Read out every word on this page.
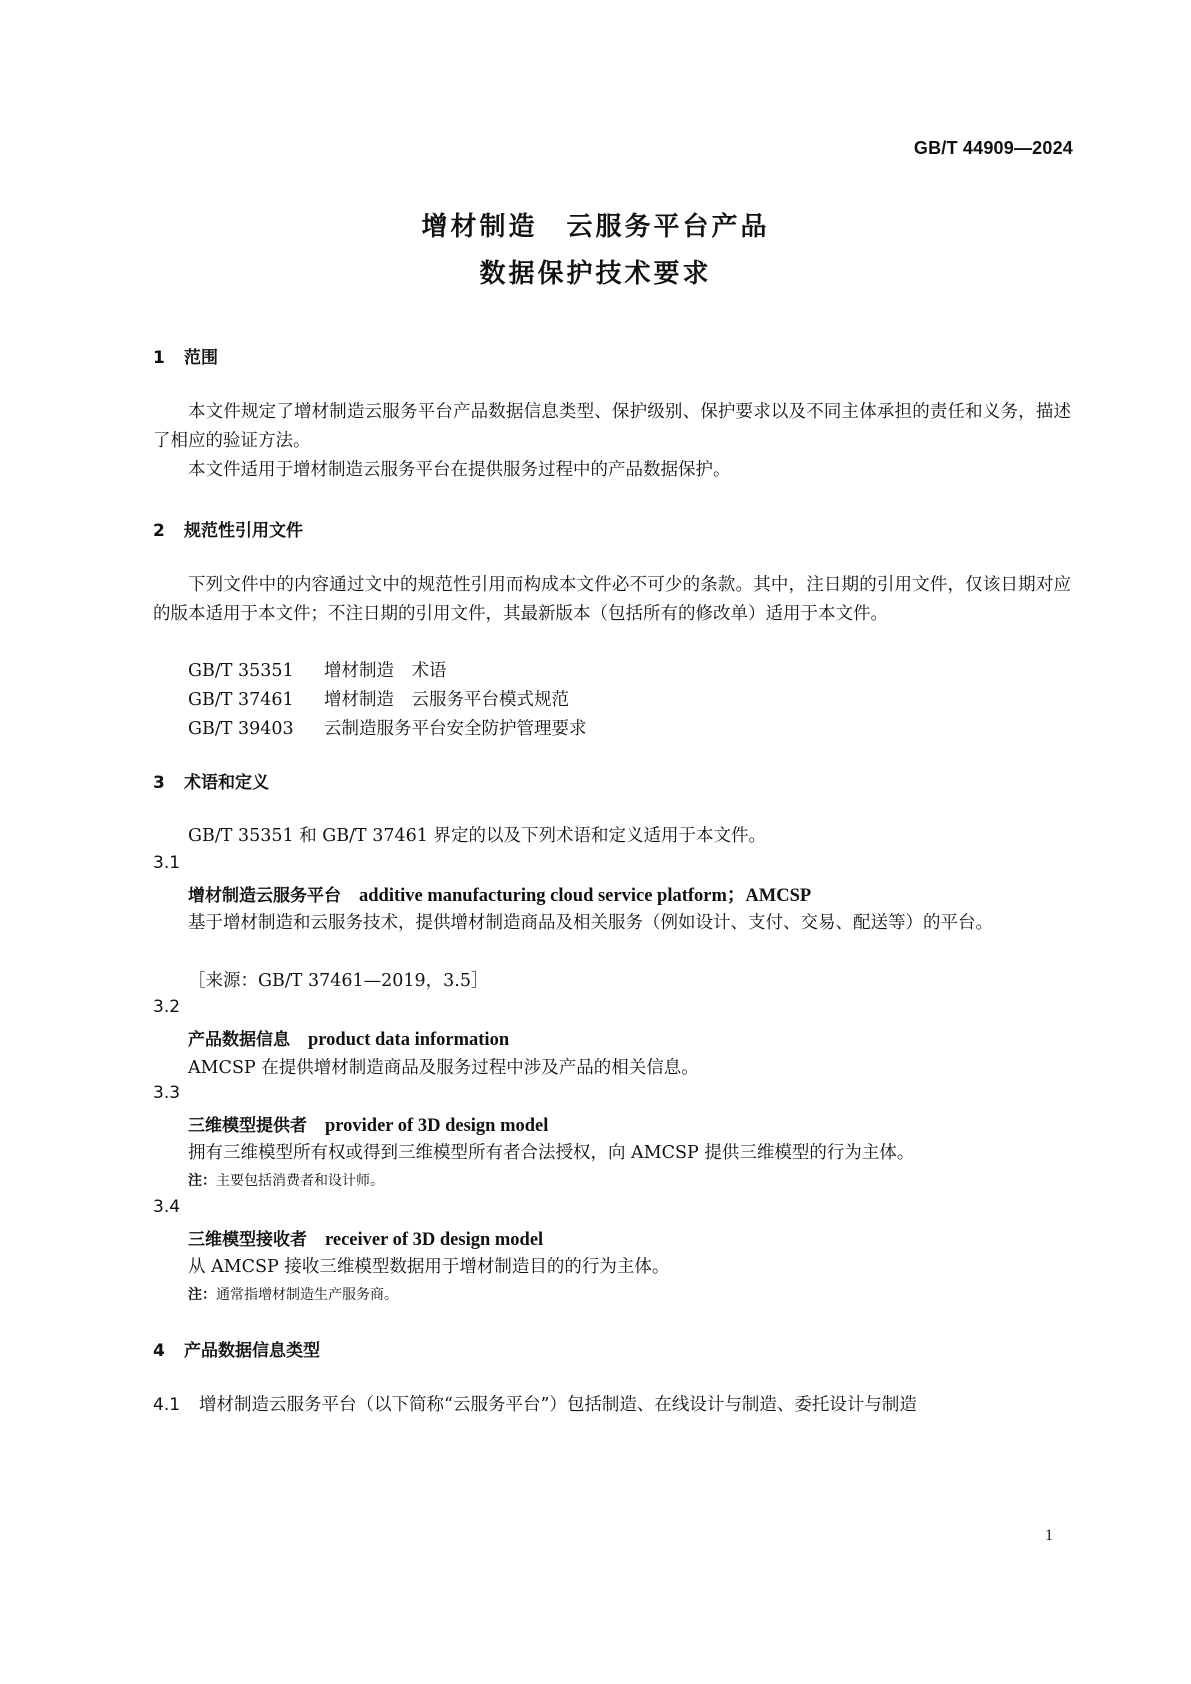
GB/T 44909—2024
增材制造　云服务平台产品
数据保护技术要求
1 范围
本文件规定了增材制造云服务平台产品数据信息类型、保护级别、保护要求以及不同主体承担的责任和义务，描述了相应的验证方法。
本文件适用于增材制造云服务平台在提供服务过程中的产品数据保护。
2 规范性引用文件
下列文件中的内容通过文中的规范性引用而构成本文件必不可少的条款。其中，注日期的引用文件，仅该日期对应的版本适用于本文件；不注日期的引用文件，其最新版本（包括所有的修改单）适用于本文件。
GB/T 35351 增材制造　术语
GB/T 37461 增材制造　云服务平台模式规范
GB/T 39403 云制造服务平台安全防护管理要求
3 术语和定义
GB/T 35351 和 GB/T 37461 界定的以及下列术语和定义适用于本文件。
3.1
增材制造云服务平台 additive manufacturing cloud service platform；AMCSP
基于增材制造和云服务技术，提供增材制造商品及相关服务（例如设计、支付、交易、配送等）的平台。
［来源：GB/T 37461—2019，3.5］
3.2
产品数据信息 product data information
AMCSP 在提供增材制造商品及服务过程中涉及产品的相关信息。
3.3
三维模型提供者 provider of 3D design model
拥有三维模型所有权或得到三维模型所有者合法授权，向 AMCSP 提供三维模型的行为主体。
注：主要包括消费者和设计师。
3.4
三维模型接收者 receiver of 3D design model
从 AMCSP 接收三维模型数据用于增材制造目的的行为主体。
注：通常指增材制造生产服务商。
4 产品数据信息类型
4.1 增材制造云服务平台（以下简称“云服务平台”）包括制造、在线设计与制造、委托设计与制造
1
